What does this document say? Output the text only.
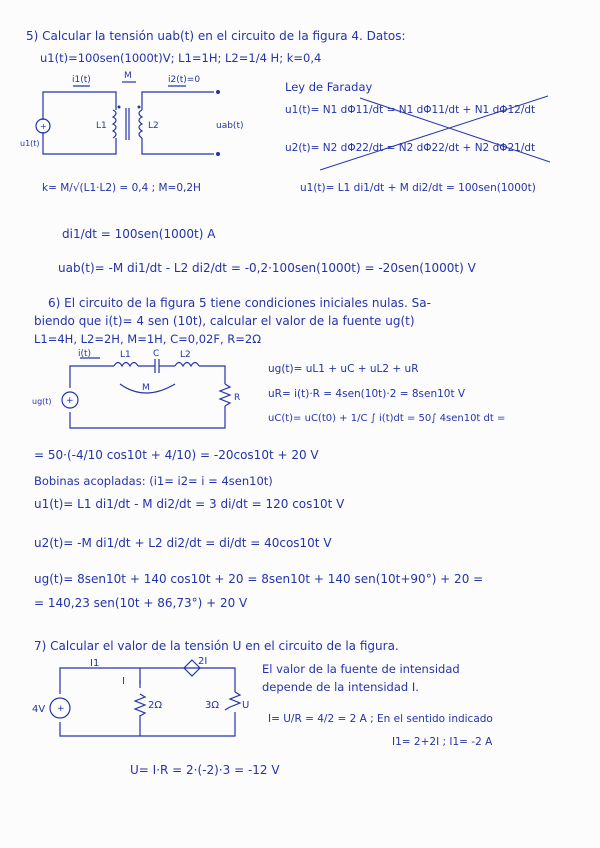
5) Calcular la tensión uab(t) en el circuito de la figura 4. Datos:
u1(t)=100sen(1000t)V; L1=1H; L2=1/4 H; k=0,4
+
i1(t)	i2(t)=0
M
L1	L2
u1(t)
uab(t)
Ley de Faraday
u1(t)= N1 dΦ11/dt = N1 dΦ11/dt + N1 dΦ12/dt
u2(t)= N2 dΦ22/dt = N2 dΦ22/dt + N2 dΦ21/dt
k= M/√(L1·L2) = 0,4 ; M=0,2H	u1(t)= L1 di1/dt + M di2/dt = 100sen(1000t)
di1/dt = 100sen(1000t) A
uab(t)= -M di1/dt - L2 di2/dt = -0,2·100sen(1000t) = -20sen(1000t) V
6) El circuito de la figura 5 tiene condiciones iniciales nulas. Sa-
biendo que i(t)= 4 sen (10t), calcular el valor de la fuente ug(t)
L1=4H, L2=2H, M=1H, C=0,02F, R=2Ω
+
i(t)	L1 C L2
M
R
ug(t)
ug(t)= uL1 + uC + uL2 + uR
uR= i(t)·R = 4sen(10t)·2 = 8sen10t V
uC(t)= uC(t0) + 1/C ∫ i(t)dt = 50∫ 4sen10t dt =
= 50·(-4/10 cos10t + 4/10) = -20cos10t + 20 V
Bobinas acopladas: (i1= i2= i = 4sen10t)
u1(t)= L1 di1/dt - M di2/dt = 3 di/dt = 120 cos10t V
u2(t)= -M di1/dt + L2 di2/dt = di/dt = 40cos10t V
ug(t)= 8sen10t + 140 cos10t + 20 = 8sen10t + 140 sen(10t+90°) + 20 =
= 140,23 sen(10t + 86,73°) + 20 V
7) Calcular el valor de la tensión U en el circuito de la figura.
+
4V
I1	2I
I
2Ω	3Ω U
El valor de la fuente de intensidad
depende de la intensidad I.
I= U/R = 4/2 = 2 A ; En el sentido indicado
I1= 2+2I ; I1= -2 A
U= I·R = 2·(-2)·3 = -12 V
